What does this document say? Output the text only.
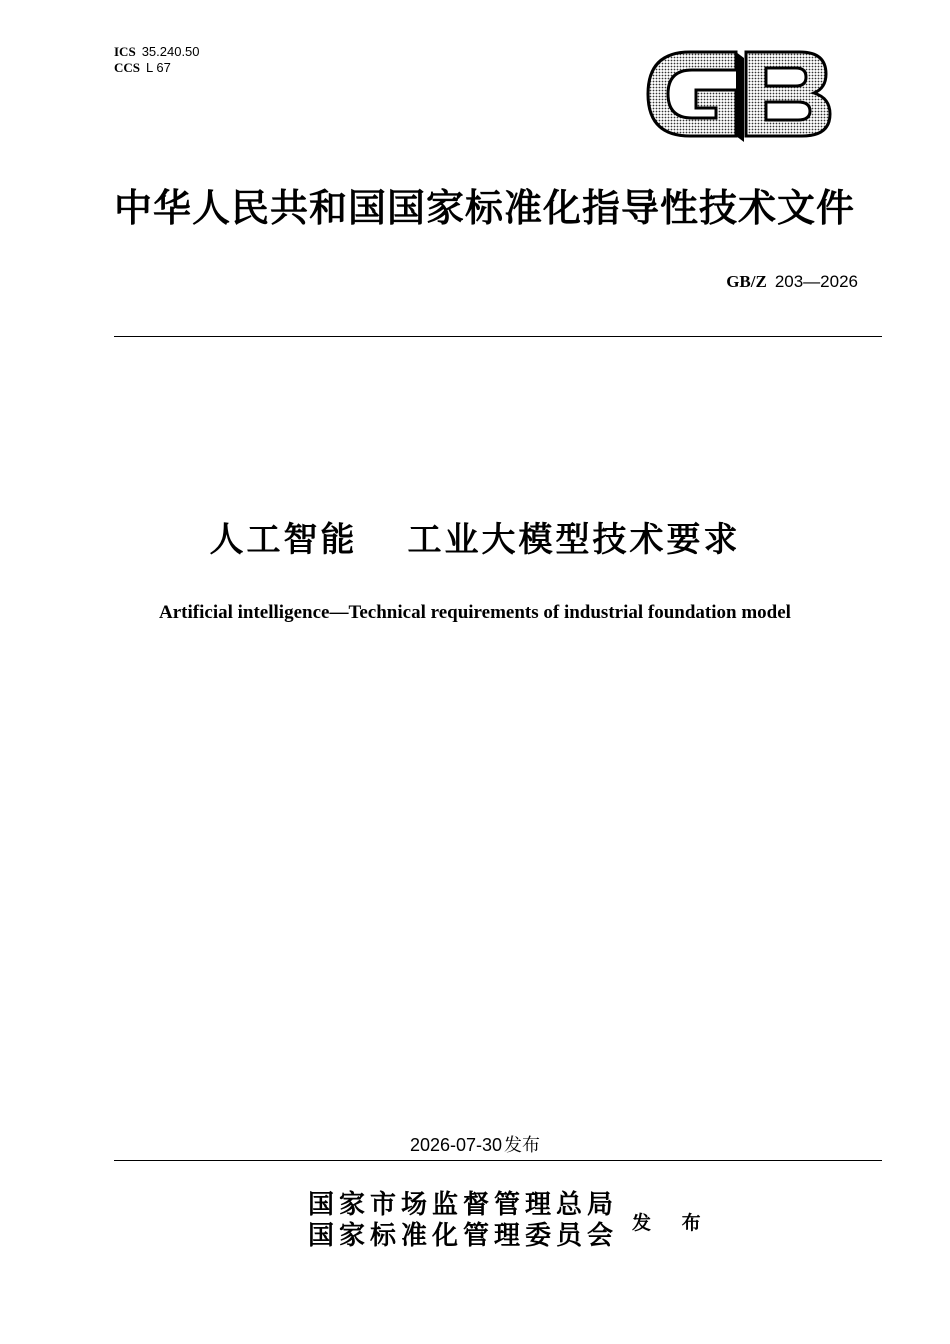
ICS 35.240.50
CCS L 67
中华人民共和国国家标准化指导性技术文件
GB/Z 203—2026
人工智能 工业大模型技术要求
Artificial intelligence—Technical requirements of industrial foundation model
2026-07-30 发布
国家市场监督管理总局
国家标准化管理委员会 发 布
